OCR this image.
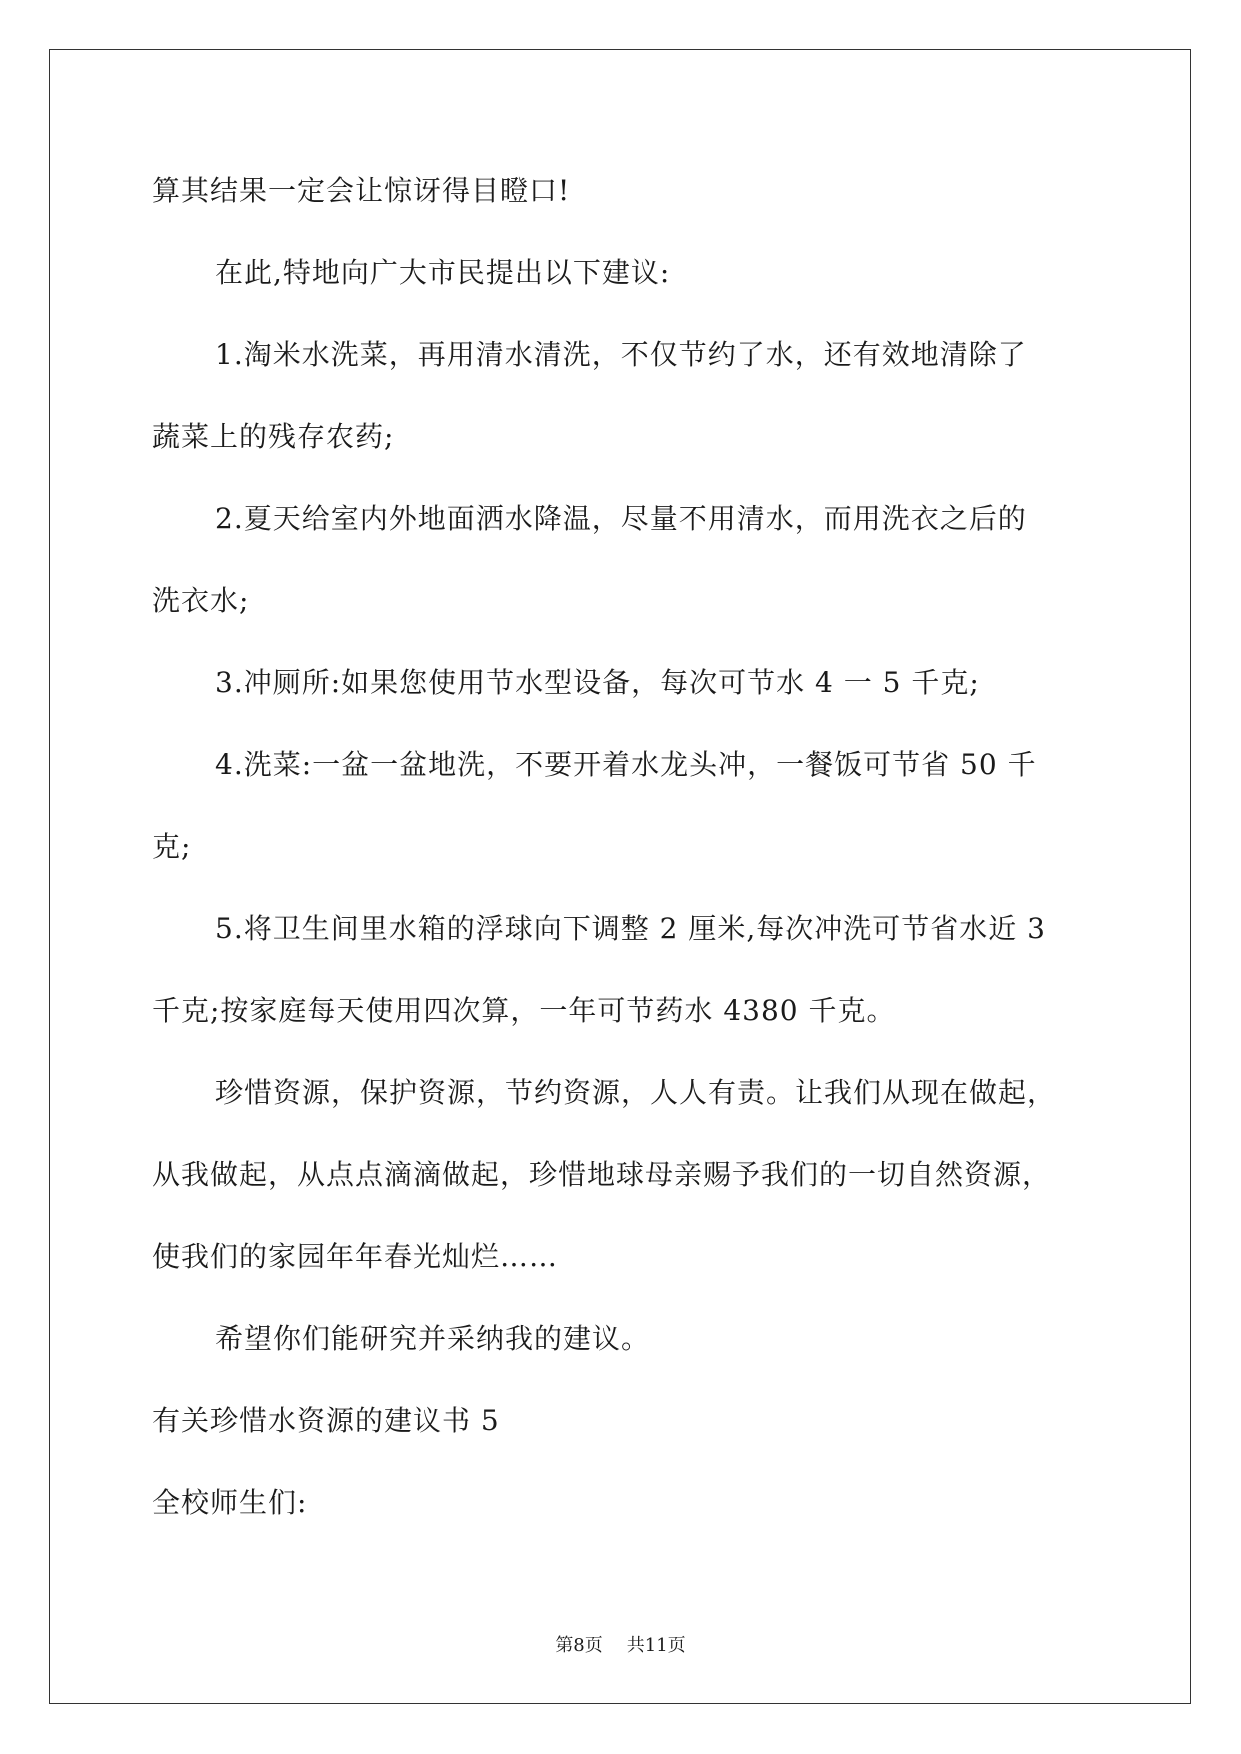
算其结果一定会让惊讶得目瞪口!

在此,特地向广大市民提出以下建议:

1.淘米水洗菜，再用清水清洗，不仅节约了水，还有效地清除了

蔬菜上的残存农药;

2.夏天给室内外地面洒水降温，尽量不用清水，而用洗衣之后的

洗衣水;

3.冲厕所:如果您使用节水型设备，每次可节水 4 一 5 千克;

4.洗菜:一盆一盆地洗，不要开着水龙头冲，一餐饭可节省 50 千

克;

5.将卫生间里水箱的浮球向下调整 2 厘米,每次冲洗可节省水近 3

千克;按家庭每天使用四次算，一年可节药水 4380 千克。

珍惜资源，保护资源，节约资源，人人有责。让我们从现在做起，

从我做起，从点点滴滴做起，珍惜地球母亲赐予我们的一切自然资源，

使我们的家园年年春光灿烂……

希望你们能研究并采纳我的建议。

有关珍惜水资源的建议书 5

全校师生们:

第8页 共11页
